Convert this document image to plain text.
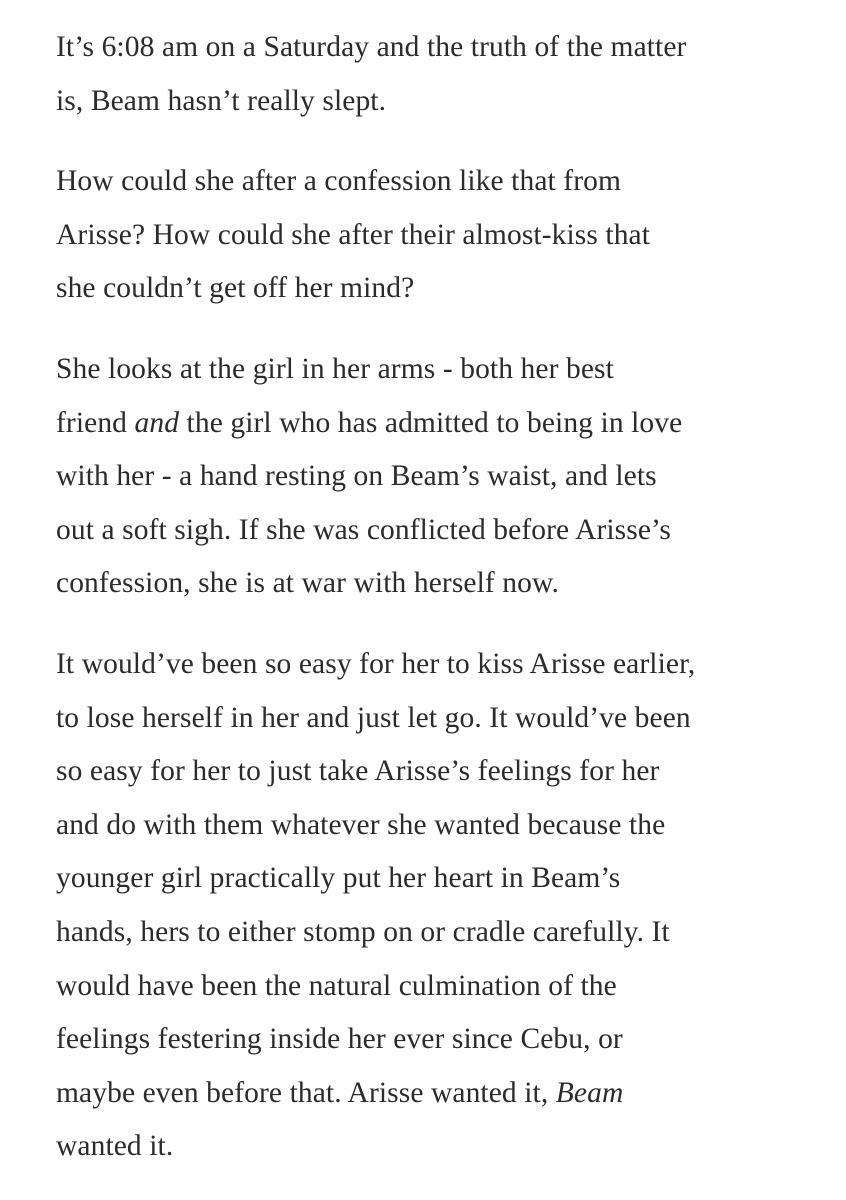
It’s 6:08 am on a Saturday and the truth of the matter
is, Beam hasn’t really slept.

How could she after a confession like that from
Arisse? How could she after their almost-kiss that
she couldn’t get off her mind?

She looks at the girl in her arms - both her best
friend and the girl who has admitted to being in love
with her - a hand resting on Beam’s waist, and lets
out a soft sigh. If she was conflicted before Arisse’s
confession, she is at war with herself now.

It would’ve been so easy for her to kiss Arisse earlier,
to lose herself in her and just let go. It would’ve been
so easy for her to just take Arisse’s feelings for her
and do with them whatever she wanted because the
younger girl practically put her heart in Beam’s
hands, hers to either stomp on or cradle carefully. It
would have been the natural culmination of the
feelings festering inside her ever since Cebu, or
maybe even before that. Arisse wanted it, Beam
wanted it.
